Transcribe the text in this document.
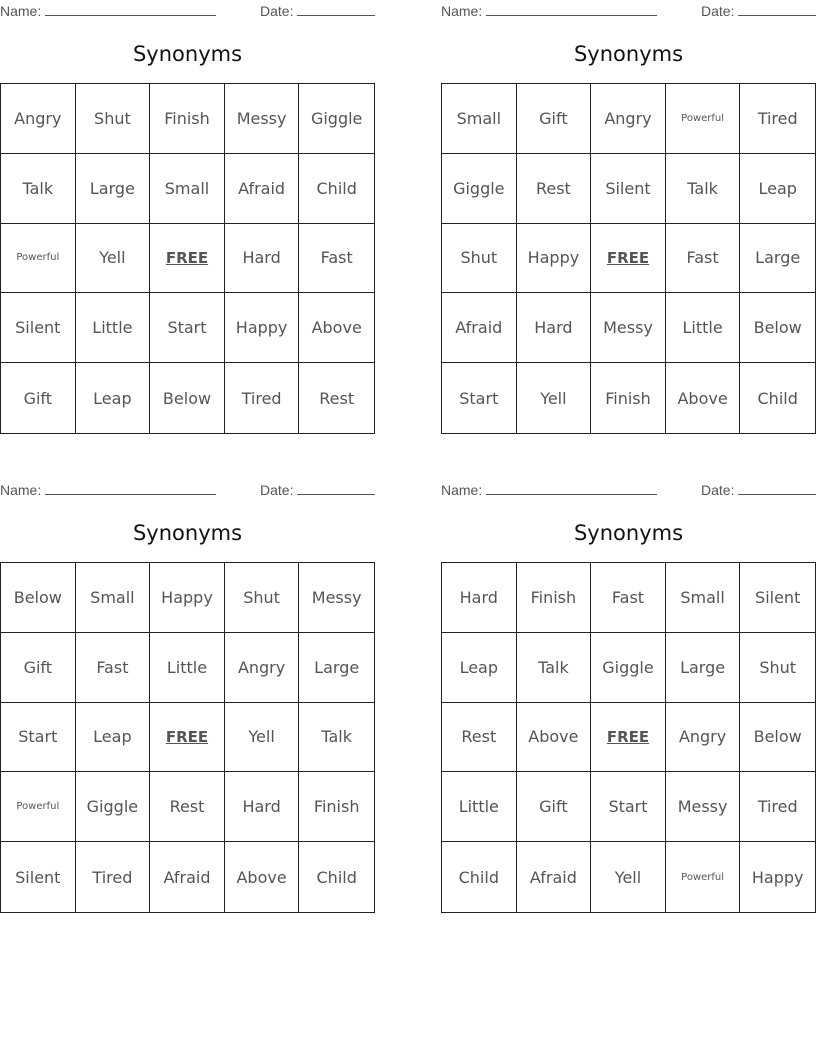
Name:	Date:
Synonyms
Angry	Shut	Finish	Messy	Giggle
Talk	Large	Small	Afraid	Child
Powerful	Yell	FREE	Hard	Fast
Silent	Little	Start	Happy	Above
Gift	Leap	Below	Tired	Rest
Name:	Date:
Synonyms
Small	Gift	Angry	Powerful	Tired
Giggle	Rest	Silent	Talk	Leap
Shut	Happy	FREE	Fast	Large
Afraid	Hard	Messy	Little	Below
Start	Yell	Finish	Above	Child
Name:	Date:
Synonyms
Below	Small	Happy	Shut	Messy
Gift	Fast	Little	Angry	Large
Start	Leap	FREE	Yell	Talk
Powerful	Giggle	Rest	Hard	Finish
Silent	Tired	Afraid	Above	Child
Name:	Date:
Synonyms
Hard	Finish	Fast	Small	Silent
Leap	Talk	Giggle	Large	Shut
Rest	Above	FREE	Angry	Below
Little	Gift	Start	Messy	Tired
Child	Afraid	Yell	Powerful	Happy
